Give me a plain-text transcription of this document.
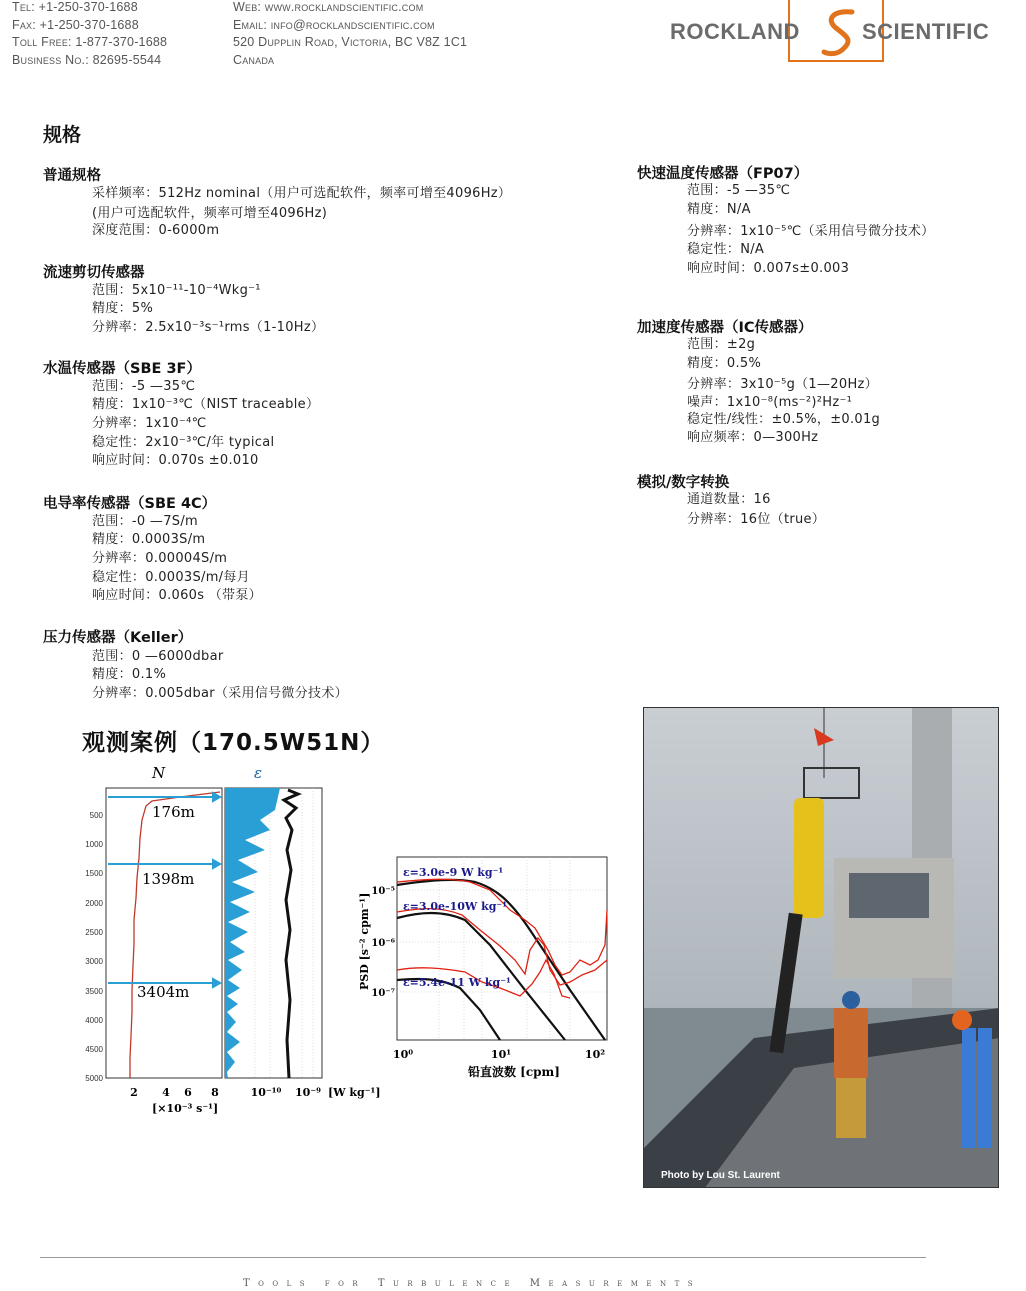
Tel: +1-250-370-1688
Fax: +1-250-370-1688
Toll Free: 1-877-370-1688
Business No.: 82695-5544
Web: www.rocklandscientific.com
Email: info@rocklandscientific.com
520 Dupplin Road, Victoria, BC V8Z 1C1
Canada
ROCKLAND	SCIENTIFIC
规格
普通规格
采样频率：512Hz nominal（用户可选配软件，频率可增至4096Hz）
(用户可选配软件，频率可增至4096Hz)
深度范围：0-6000m
流速剪切传感器
范围：5x10⁻¹¹-10⁻⁴Wkg⁻¹
精度：5%
分辨率：2.5x10⁻³s⁻¹rms（1-10Hz）
水温传感器（SBE 3F）
范围：-5 —35℃
精度：1x10⁻³℃（NIST traceable）
分辨率：1x10⁻⁴℃
稳定性：2x10⁻³℃/年 typical
响应时间：0.070s ±0.010
电导率传感器（SBE 4C）
范围：-0 —7S/m
精度：0.0003S/m
分辨率：0.00004S/m
稳定性：0.0003S/m/每月
响应时间：0.060s （带泵）
压力传感器（Keller）
范围：0 —6000dbar
精度：0.1%
分辨率：0.005dbar（采用信号微分技术）
快速温度传感器（FP07）
范围：-5 —35℃
精度：N/A
分辨率：1x10⁻⁵℃（采用信号微分技术）
稳定性：N/A
响应时间：0.007s±0.003
加速度传感器（IC传感器）
范围：±2g
精度：0.5%
分辨率：3x10⁻⁵g（1—20Hz）
噪声：1x10⁻⁸(ms⁻²)²Hz⁻¹
稳定性/线性：±0.5%，±0.01g
响应频率：0—300Hz
模拟/数字转换
通道数量：16
分辨率：16位（true）
观测案例（170.5W51N）
N
500
1000
1500
2000
2500
3000
3500
4000
4500
5000
2 4 6 8
[×10⁻³ s⁻¹]
ε
10⁻¹⁰ 10⁻⁹ [W kg⁻¹]
176m
1398m
3404m
ε=3.0e-9 W kg⁻¹
ε=3.0e-10W kg⁻¹
ε=5.4e-11 W kg⁻¹
10⁻⁵
10⁻⁶
10⁻⁷
PSD [s⁻² cpm⁻¹]
10⁰	10¹	10²
铅直波数 [cpm]
Photo by Lou St. Laurent
Tools for Turbulence Measurements
